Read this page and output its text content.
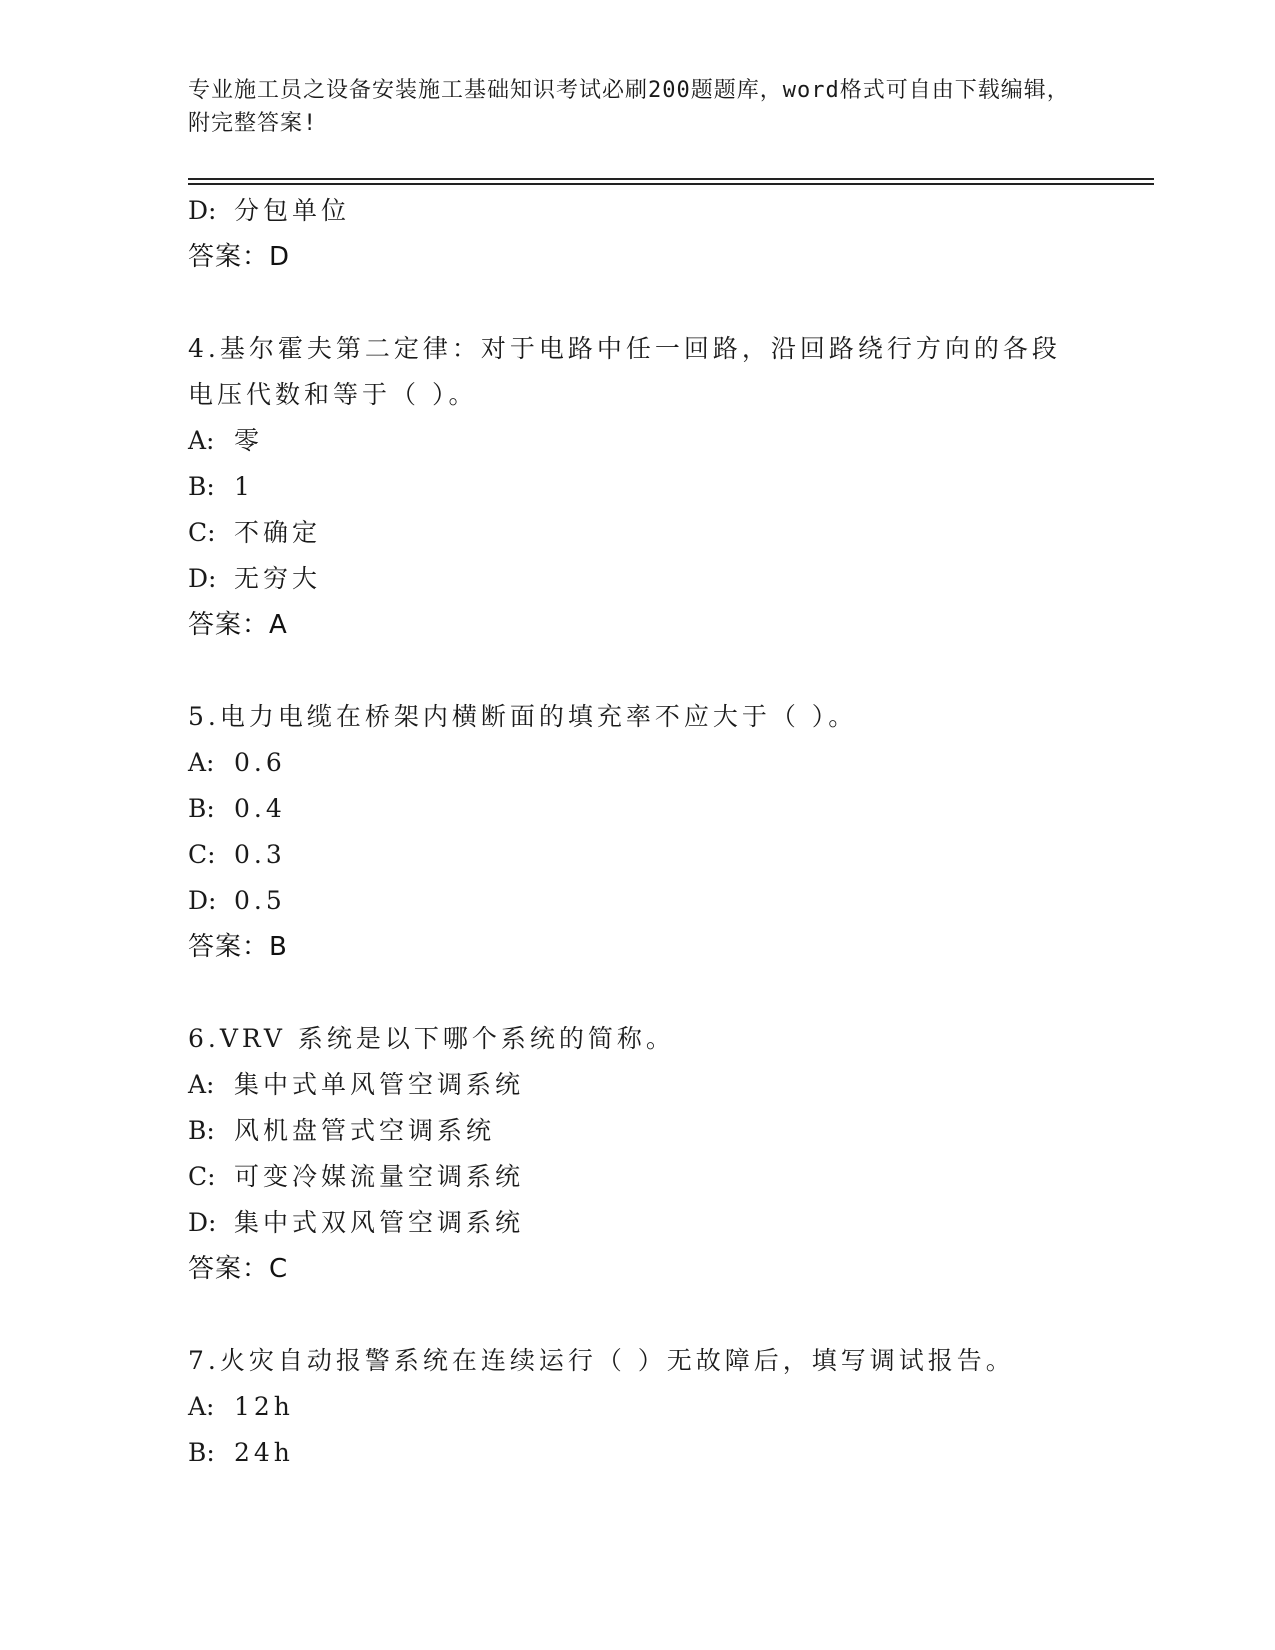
专业施工员之设备安装施工基础知识考试必刷200题题库，word格式可自由下载编辑，附完整答案!
D: 分包单位
答案：D
4.基尔霍夫第二定律：对于电路中任一回路，沿回路绕行方向的各段电压代数和等于（ ）。
A: 零
B: 1
C: 不确定
D: 无穷大
答案：A
5.电力电缆在桥架内横断面的填充率不应大于（ ）。
A: 0.6
B: 0.4
C: 0.3
D: 0.5
答案：B
6.VRV 系统是以下哪个系统的简称。
A: 集中式单风管空调系统
B: 风机盘管式空调系统
C: 可变冷媒流量空调系统
D: 集中式双风管空调系统
答案：C
7.火灾自动报警系统在连续运行（ ）无故障后，填写调试报告。
A: 12h
B: 24h
